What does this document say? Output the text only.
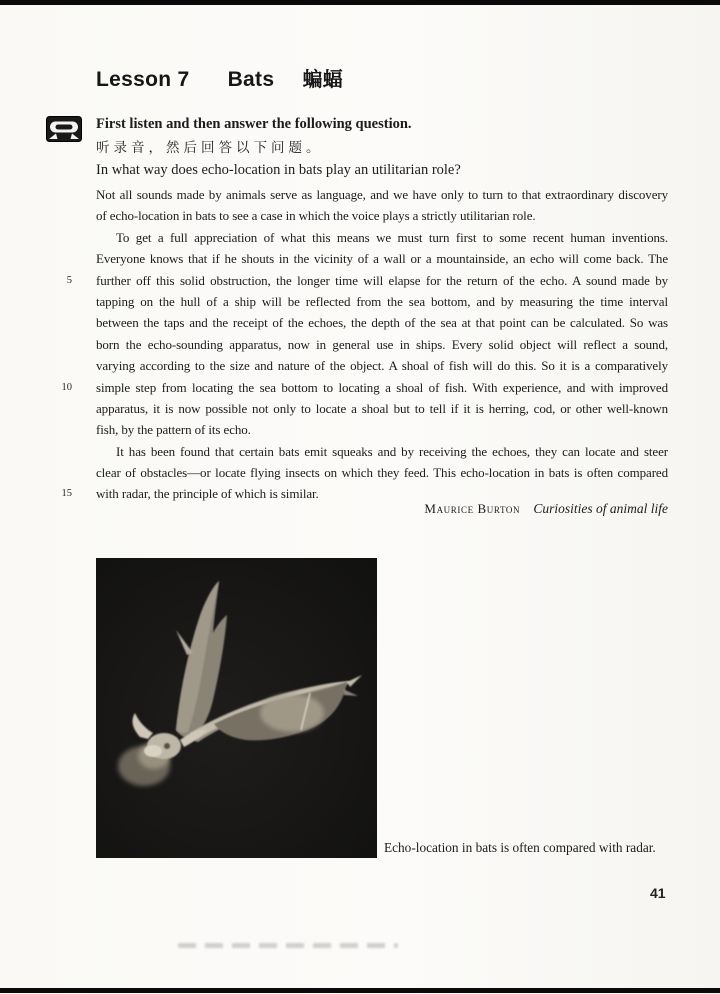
Lesson 7 Bats 蝙蝠

First listen and then answer the following question.

听录音，然后回答以下问题。

In what way does echo-location in bats play an utilitarian role?

Not all sounds made by animals serve as language, and we have only to turn to that extraordinary discovery
of echo-location in bats to see a case in which the voice plays a strictly utilitarian role.
To get a full appreciation of what this means we must turn first to some recent human inventions.
Everyone knows that if he shouts in the vicinity of a wall or a mountainside, an echo will come back. The
5 further off this solid obstruction, the longer time will elapse for the return of the echo. A sound made by
tapping on the hull of a ship will be reflected from the sea bottom, and by measuring the time interval
between the taps and the receipt of the echoes, the depth of the sea at that point can be calculated. So was
born the echo-sounding apparatus, now in general use in ships. Every solid object will reflect a sound,
varying according to the size and nature of the object. A shoal of fish will do this. So it is a comparatively
10 simple step from locating the sea bottom to locating a shoal of fish. With experience, and with improved
apparatus, it is now possible not only to locate a shoal but to tell if it is herring, cod, or other well-known
fish, by the pattern of its echo.
It has been found that certain bats emit squeaks and by receiving the echoes, they can locate and steer
clear of obstacles—or locate flying insects on which they feed. This echo-location in bats is often compared
15 with radar, the principle of which is similar.
Maurice Burton Curiosities of animal life
Echo-location in bats is often compared with radar.
41
